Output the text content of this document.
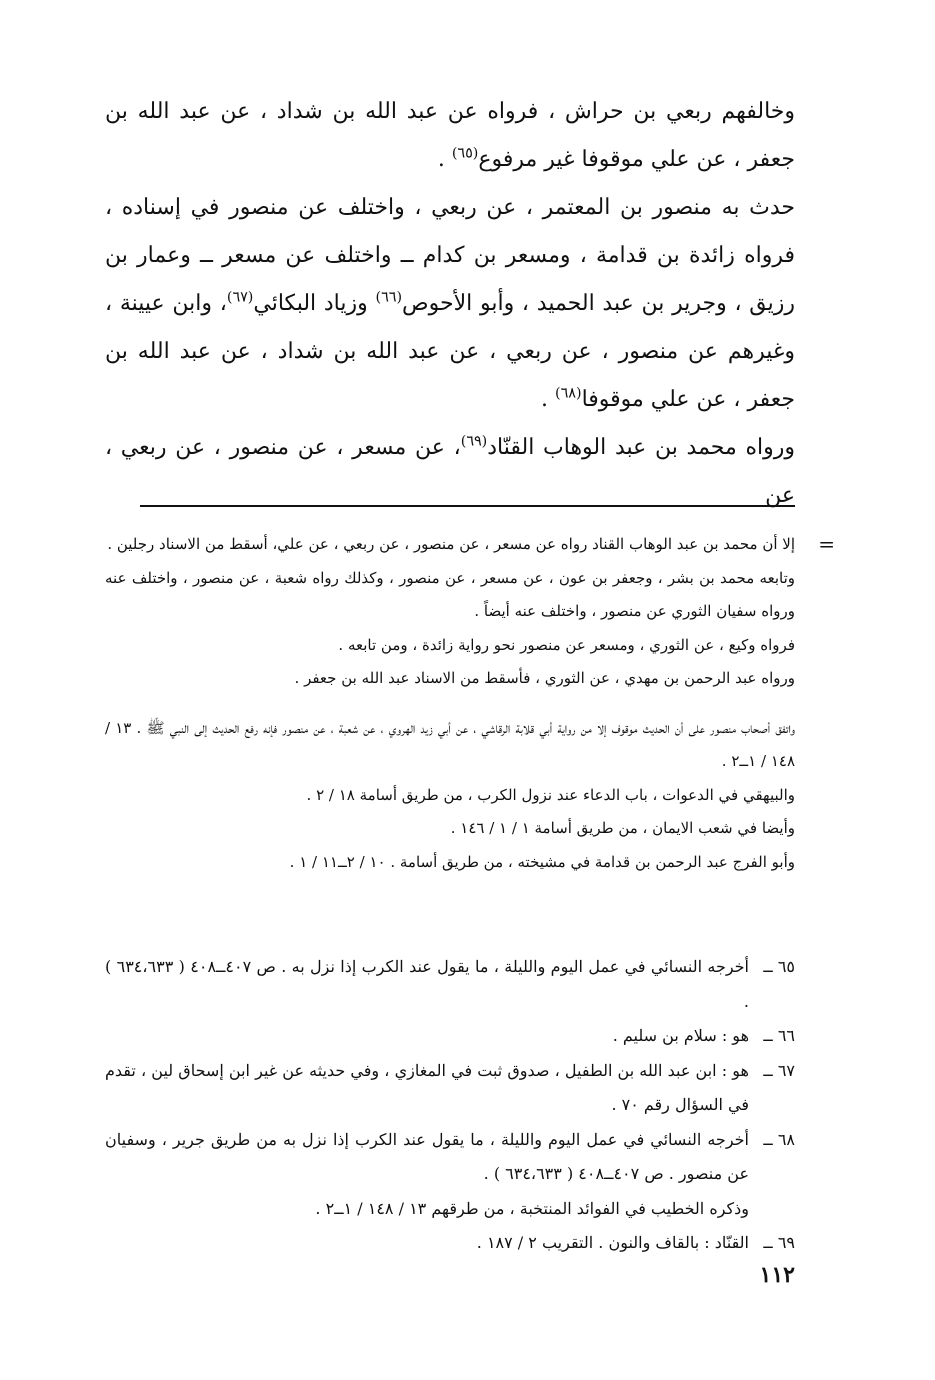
وخالفهم ربعي بن حراش ، فرواه عن عبد الله بن شداد ، عن عبد الله بن جعفر ، عن علي موقوفا غير مرفوع$^{(٦٥)}$ .

حدث به منصور بن المعتمر ، عن ربعي ، واختلف عن منصور في إسناده ، فرواه زائدة بن قدامة ، ومسعر بن كدام ــ واختلف عن مسعر ــ وعمار بن رزيق ، وجرير بن عبد الحميد ، وأبو الأحوص$^{(٦٦)}$ وزياد البكائي$^{(٦٧)}$، وابن عيينة ، وغيرهم عن منصور ، عن ربعي ، عن عبد الله بن شداد ، عن عبد الله بن جعفر ، عن علي موقوفا$^{(٦٨)}$ .

ورواه محمد بن عبد الوهاب القنّاد$^{(٦٩)}$، عن مسعر ، عن منصور ، عن ربعي ، عن

=

إلا أن محمد بن عبد الوهاب القناد رواه عن مسعر ، عن منصور ، عن ربعي ، عن علي، أسقط من الاسناد رجلين .

وتابعه محمد بن بشر ، وجعفر بن عون ، عن مسعر ، عن منصور ، وكذلك رواه شعبة ، عن منصور ، واختلف عنه ورواه سفيان الثوري عن منصور ، واختلف عنه أيضاً .

فرواه وكيع ، عن الثوري ، ومسعر عن منصور نحو رواية زائدة ، ومن تابعه .

ورواه عبد الرحمن بن مهدي ، عن الثوري ، فأسقط من الاسناد عبد الله بن جعفر .

واتفق أصحاب منصور على أن الحديث موقوف إلا من رواية أبي قلابة الرقاشي ، عن أبي زيد الهروي ، عن شعبة ، عن منصور فإنه رفع الحديث إلى النبي ﷺ . ١٣ / ١٤٨ / ١ــ٢ .

والبيهقي في الدعوات ، باب الدعاء عند نزول الكرب ، من طريق أسامة ١٨ / ٢ .

وأيضا في شعب الايمان ، من طريق أسامة ١ / ١ / ١٤٦ .

وأبو الفرج عبد الرحمن بن قدامة في مشيخته ، من طريق أسامة . ١٠ / ٢ــ١١ / ١ .

٦٥ ــ
أخرجه النسائي في عمل اليوم والليلة ، ما يقول عند الكرب إذا نزل به . ص ٤٠٧ــ٤٠٨ ( ٦٣٤،٦٣٣ ) .
٦٦ ــ
هو : سلام بن سليم .
٦٧ ــ
هو : ابن عبد الله بن الطفيل ، صدوق ثبت في المغازي ، وفي حديثه عن غير ابن إسحاق لين ، تقدم في السؤال رقم ٧٠ .
٦٨ ــ
أخرجه النسائي في عمل اليوم والليلة ، ما يقول عند الكرب إذا نزل به من طريق جرير ، وسفيان عن منصور . ص ٤٠٧ــ٤٠٨ ( ٦٣٤،٦٣٣ ) .
وذكره الخطيب في الفوائد المنتخبة ، من طرقهم ١٣ / ١٤٨ / ١ــ٢ .
٦٩ ــ
القنّاد : بالقاف والنون . التقريب ٢ / ١٨٧ .
١١٢
